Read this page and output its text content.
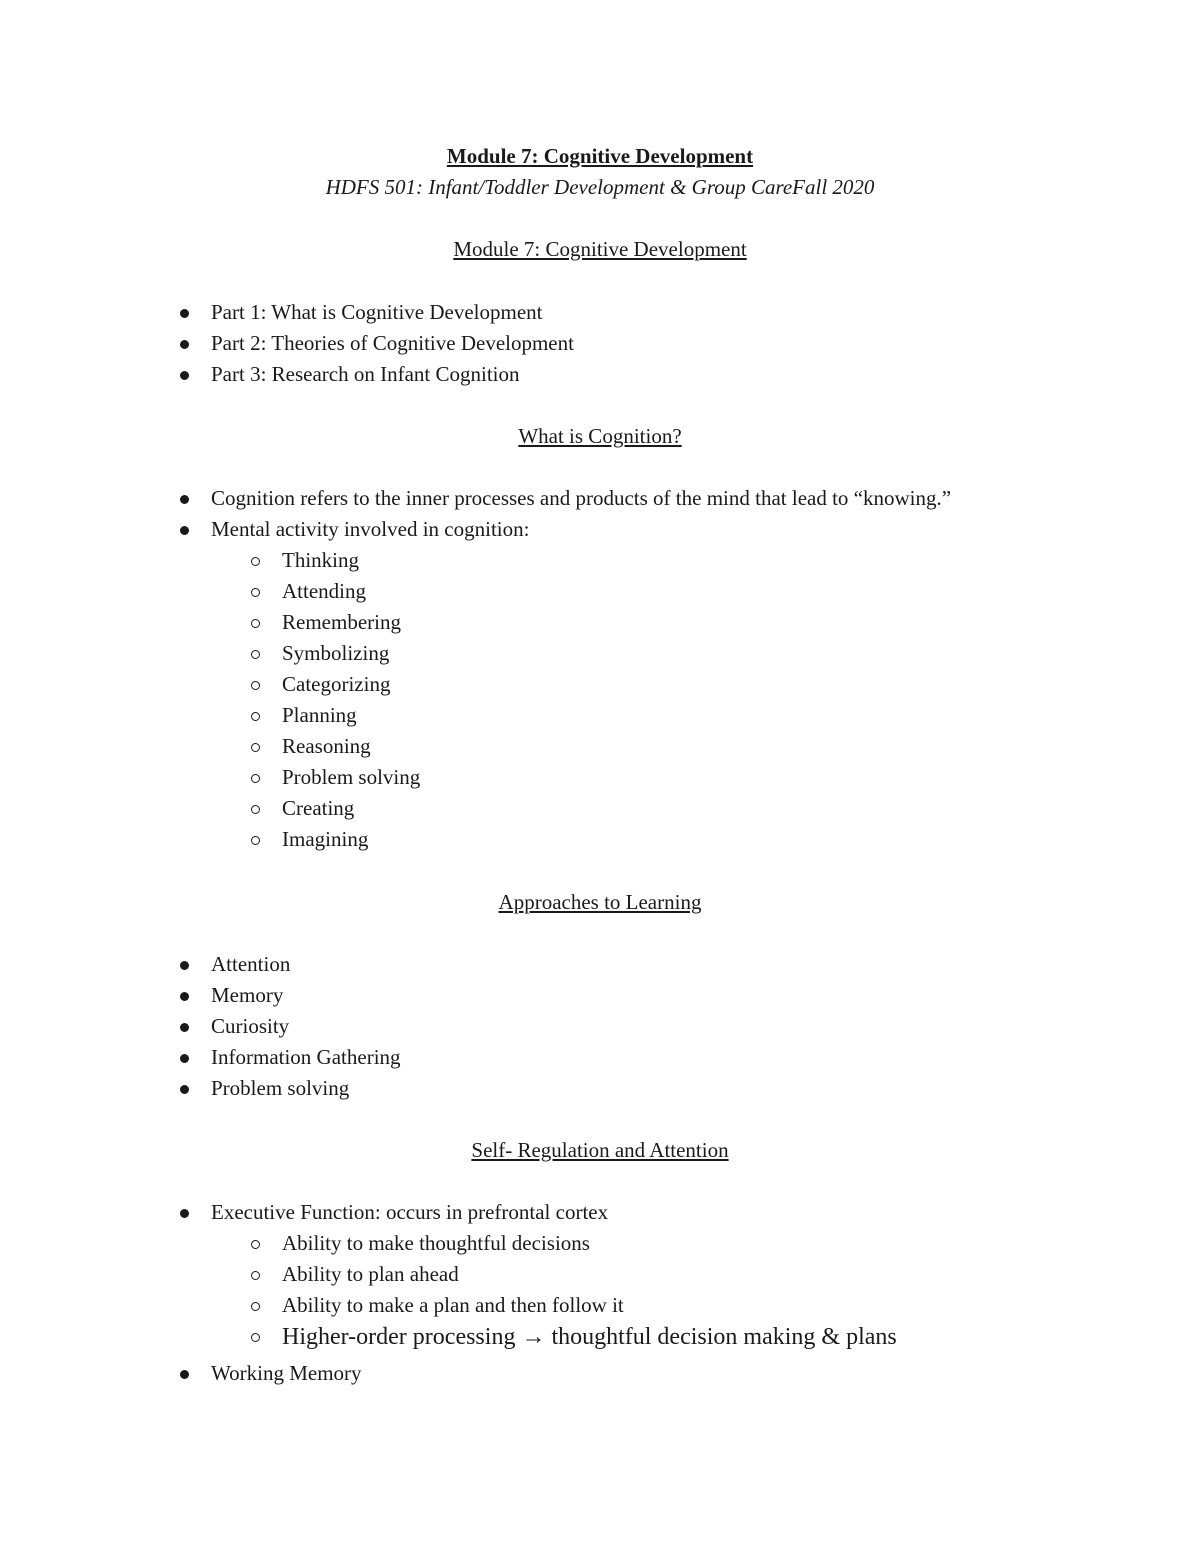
Module 7: Cognitive Development
HDFS 501: Infant/Toddler Development & Group CareFall 2020
Module 7: Cognitive Development
Part 1: What is Cognitive Development
Part 2: Theories of Cognitive Development
Part 3: Research on Infant Cognition
What is Cognition?
Cognition refers to the inner processes and products of the mind that lead to “knowing.”
Mental activity involved in cognition:
Thinking
Attending
Remembering
Symbolizing
Categorizing
Planning
Reasoning
Problem solving
Creating
Imagining
Approaches to Learning
Attention
Memory
Curiosity
Information Gathering
Problem solving
Self- Regulation and Attention
Executive Function: occurs in prefrontal cortex
Ability to make thoughtful decisions
Ability to plan ahead
Ability to make a plan and then follow it
Higher-order processing → thoughtful decision making & plans
Working Memory
